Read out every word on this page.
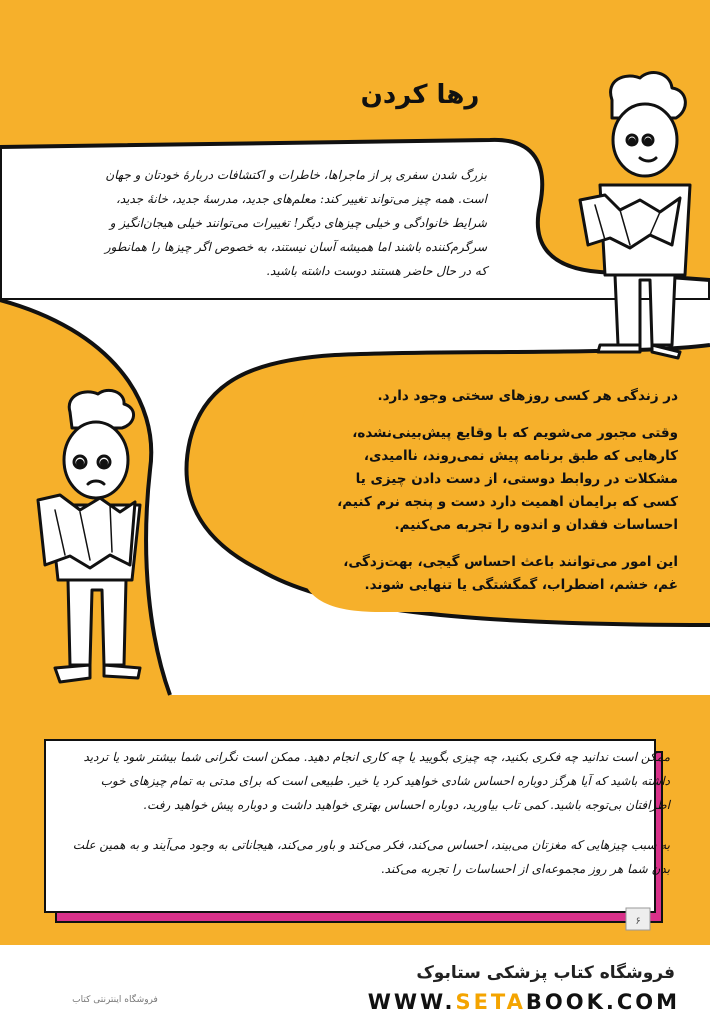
رها کردن
بزرگ شدن سفری پر از ماجراها، خاطرات و اکتشافات دربارهٔ خودتان و جهان است. همه چیز می‌تواند تغییر کند: معلم‌های جدید، مدرسهٔ جدید، خانهٔ جدید، شرایط خانوادگی و خیلی چیزهای دیگر! تغییرات می‌توانند خیلی هیجان‌انگیز و سرگرم‌کننده باشند اما همیشه آسان نیستند، به خصوص اگر چیزها را همانطور که در حال حاضر هستند دوست داشته باشید.

در زندگی هر کسی روزهای سختی وجود دارد.

وقتی مجبور می‌شویم که با وقایع پیش‌بینی‌نشده، کارهایی که طبق برنامه پیش نمی‌روند، ناامیدی، مشکلات در روابط دوستی، از دست دادن چیزی یا کسی که برایمان اهمیت دارد دست و پنجه نرم کنیم، احساسات فقدان و اندوه را تجربه می‌کنیم.

این امور می‌توانند باعث احساس گیجی، بهت‌زدگی، غم، خشم، اضطراب، گمگشتگی یا تنهایی شوند.

ممکن است ندانید چه فکری بکنید، چه چیزی بگویید یا چه کاری انجام دهید. ممکن است نگرانی شما بیشتر شود یا تردید داشته باشید که آیا هرگز دوباره احساس شادی خواهید کرد یا خیر. طبیعی است که برای مدتی به تمام چیزهای خوب اطرافتان بی‌توجه باشید. کمی تاب بیاورید، دوباره احساس بهتری خواهید داشت و دوباره پیش خواهید رفت.

به سبب چیزهایی که مغزتان می‌بیند، احساس می‌کند، فکر می‌کند و باور می‌کند، هیجاناتی به وجود می‌آیند و به همین علت بدن شما هر روز مجموعه‌ای از احساسات را تجربه می‌کند.

۶
فروشگاه کتاب پزشکی ستابوک
WWW.SETABOOK.COM
فروشگاه اینترنتی کتاب
